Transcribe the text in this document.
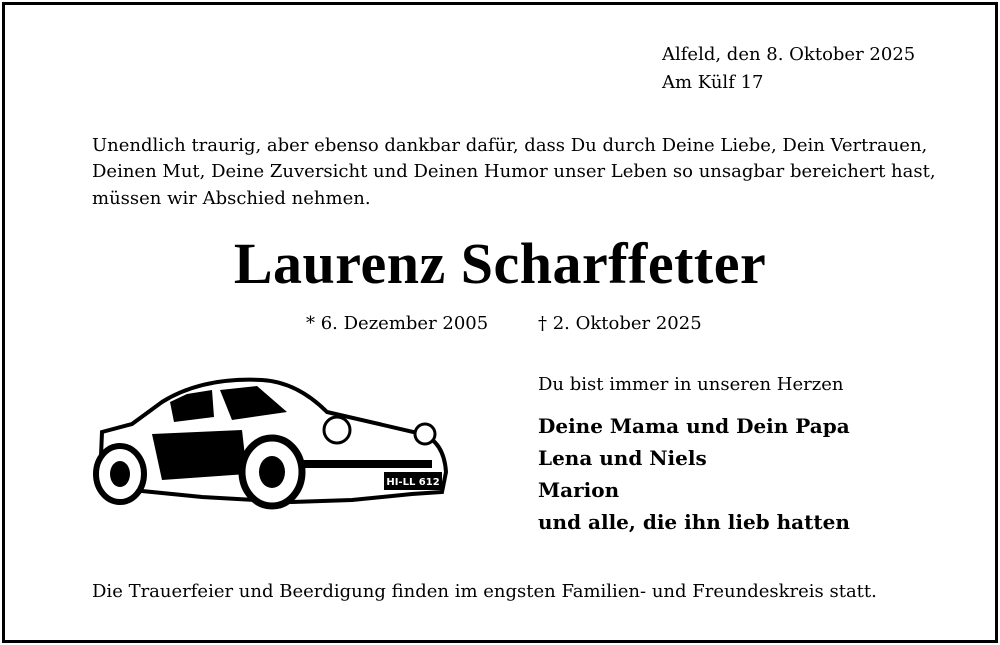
Alfeld, den 8. Oktober 2025
Am Külf 17
Unendlich traurig, aber ebenso dankbar dafür, dass Du durch Deine Liebe, Dein Vertrauen,
Deinen Mut, Deine Zuversicht und Deinen Humor unser Leben so unsagbar bereichert hast,
müssen wir Abschied nehmen.
Laurenz Scharffetter
* 6. Dezember 2005	† 2. Oktober 2025
HI-LL 612
Du bist immer in unseren Herzen
Deine Mama und Dein Papa
Lena und Niels
Marion
und alle, die ihn lieb hatten
Die Trauerfeier und Beerdigung finden im engsten Familien- und Freundeskreis statt.
